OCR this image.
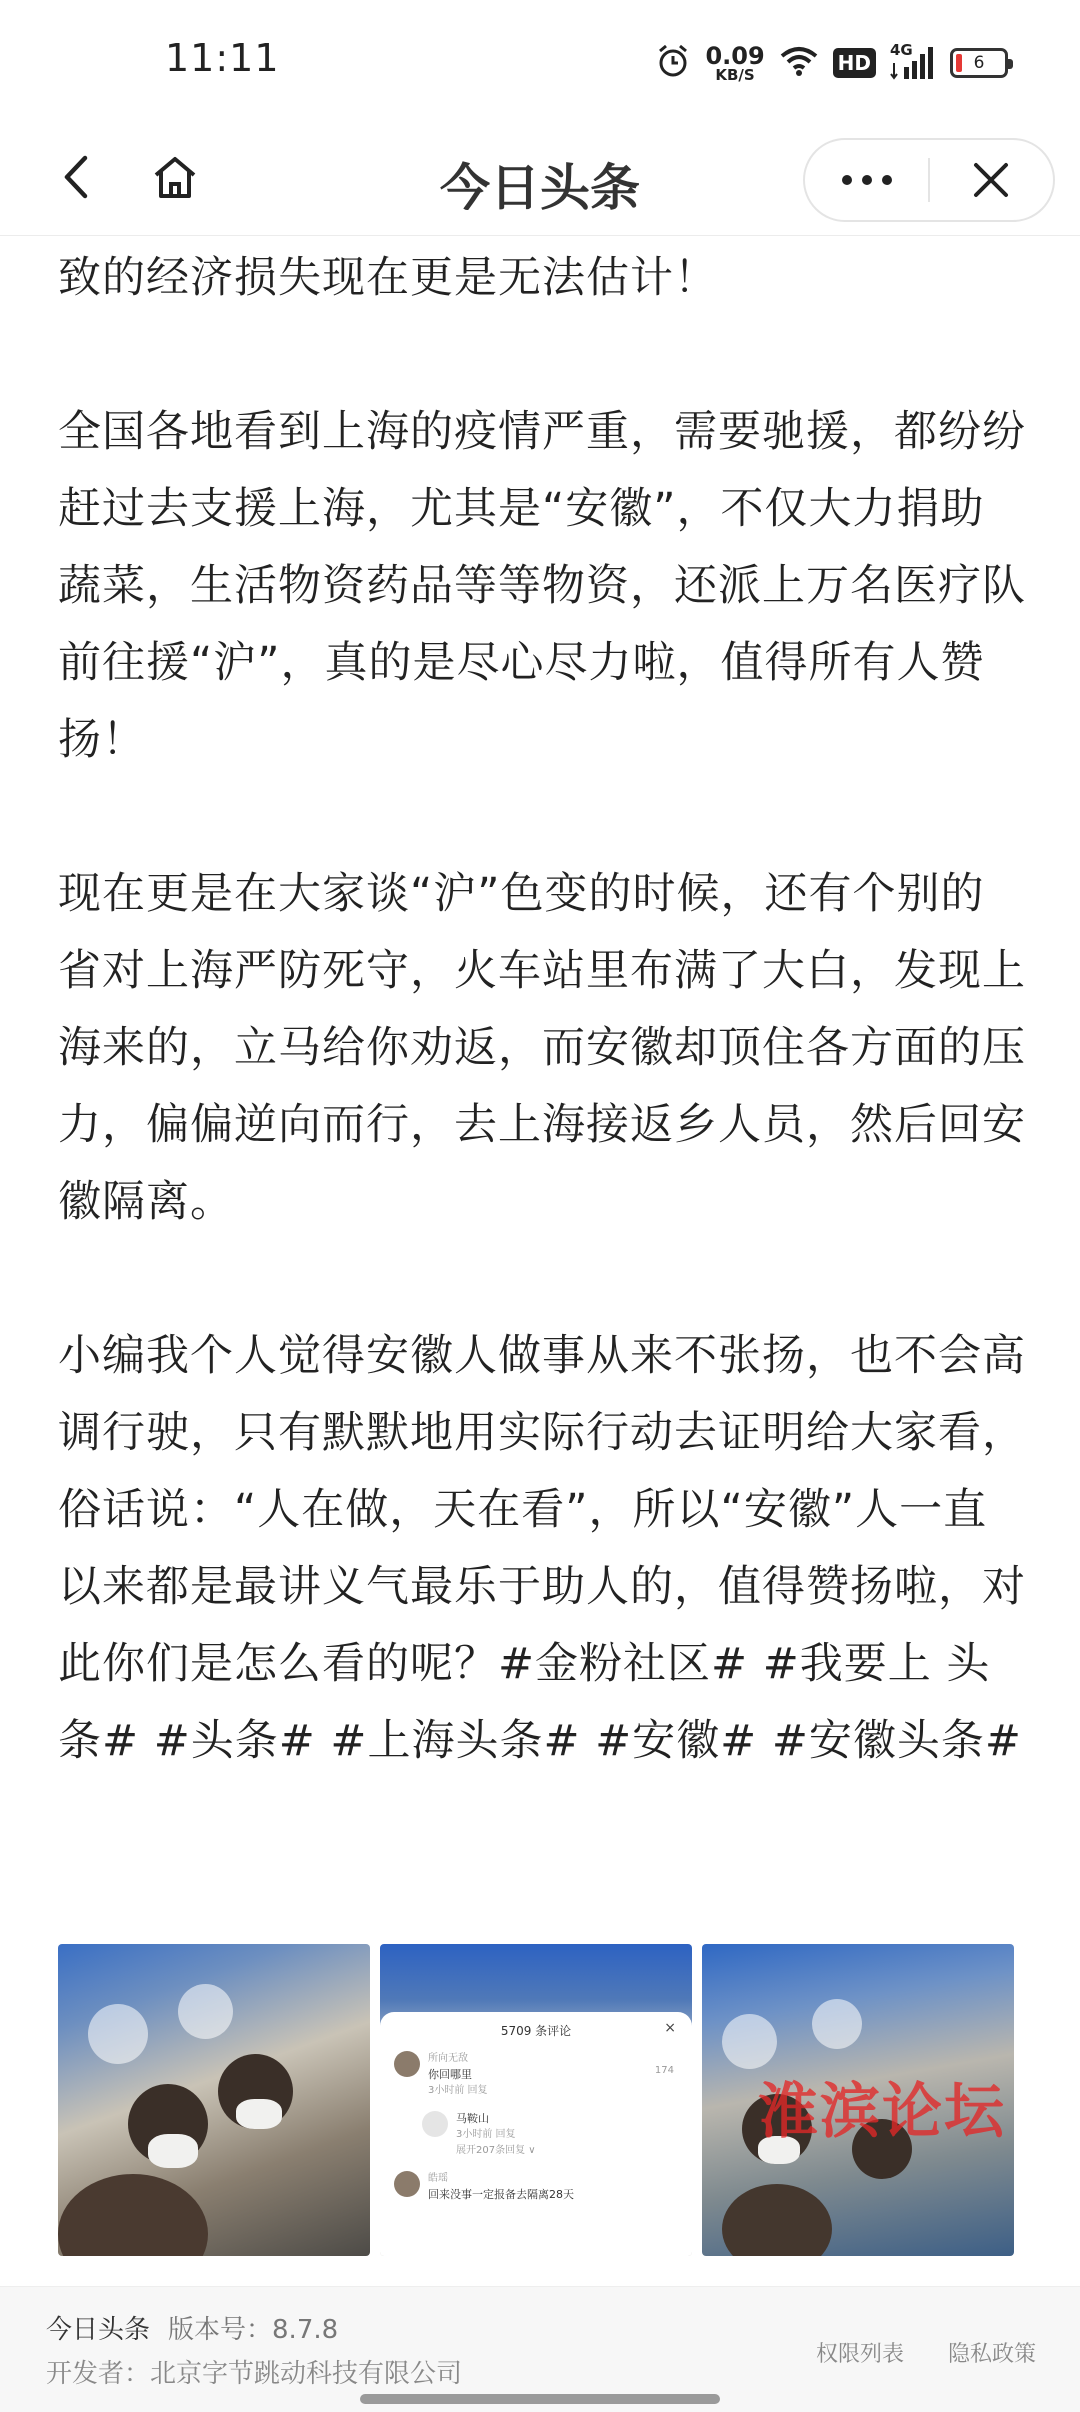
11:11	0.09
KB/S	HD
4G
6
今日头条

致的经济损失现在更是无法估计！

全国各地看到上海的疫情严重，需要驰援，都纷纷赶过去支援上海，尤其是“安徽”，不仅大力捐助蔬菜，生活物资药品等等物资，还派上万名医疗队前往援“沪”，真的是尽心尽力啦，值得所有人赞扬！

现在更是在大家谈“沪”色变的时候，还有个别的省对上海严防死守，火车站里布满了大白，发现上海来的，立马给你劝返，而安徽却顶住各方面的压力，偏偏逆向而行，去上海接返乡人员，然后回安徽隔离。

小编我个人觉得安徽人做事从来不张扬，也不会高调行驶，只有默默地用实际行动去证明给大家看，俗话说：“人在做，天在看”，所以“安徽”人一直以来都是最讲义气最乐于助人的，值得赞扬啦，对此你们是怎么看的呢？#金粉社区# #我要上 头条# #头条# #上海头条# #安徽# #安徽头条#

5709 条评论	×
所向无敌
你回哪里
3小时前 回复
174
马鞍山
3小时前 回复
展开207条回复 ∨
皓瑶
回来没事一定报备去隔离28天
淮滨论坛
今日头条 版本号：8.7.8
开发者：北京字节跳动科技有限公司
权限列表 隐私政策
